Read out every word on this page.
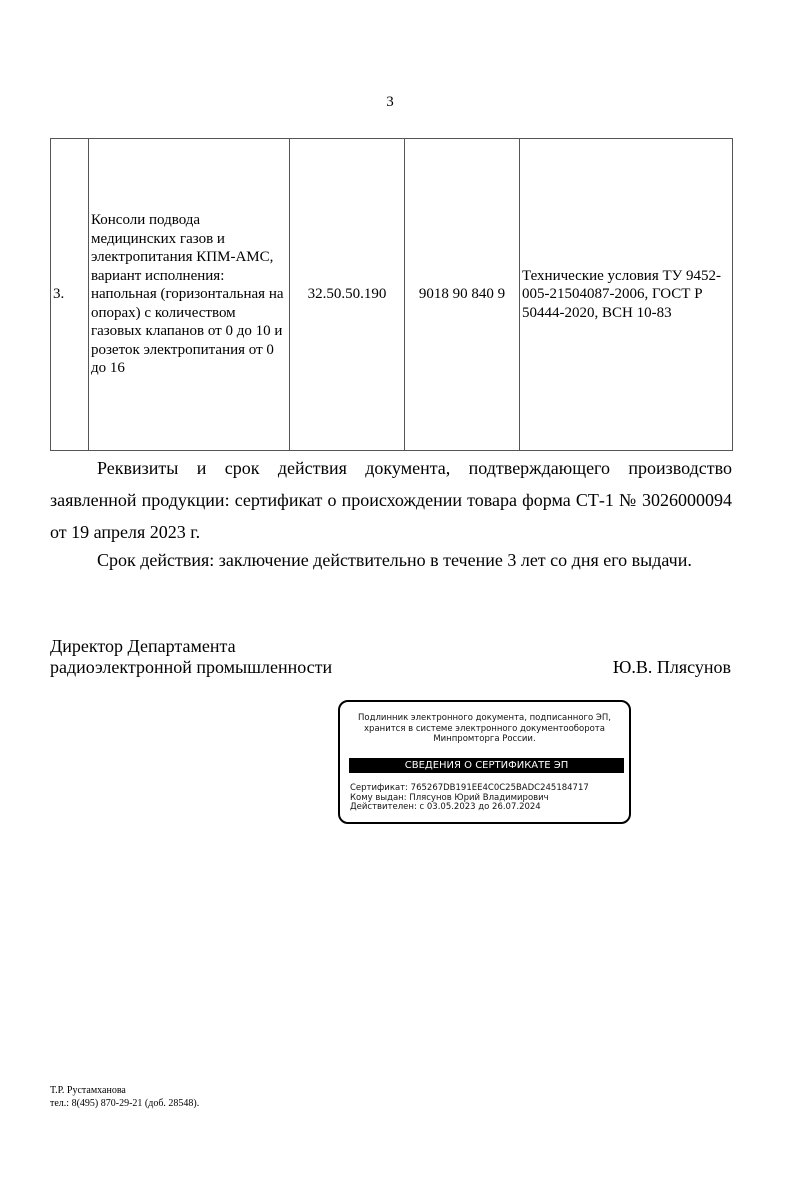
3
3.	Консоли подвода медицинских газов и электропитания КПМ-АМС, вариант исполнения: напольная (горизонтальная на опорах) с количеством газовых клапанов от 0 до 10 и розеток электропитания от 0 до 16	32.50.50.190	9018 90 840 9	Технические условия ТУ 9452-005-21504087-2006, ГОСТ Р 50444-2020, ВСН 10-83
Реквизиты и срок действия документа, подтверждающего производство заявленной продукции: сертификат о происхождении товара форма СТ-1 № 3026000094 от 19 апреля 2023 г.
Срок действия: заключение действительно в течение 3 лет со дня его выдачи.
Директор Департамента
радиоэлектронной промышленности	Ю.В. Плясунов
Подлинник электронного документа, подписанного ЭП,
хранится в системе электронного документооборота
Минпромторга России.
СВЕДЕНИЯ О СЕРТИФИКАТЕ ЭП
Сертификат: 765267DB191EE4C0C25BADC245184717
Кому выдан: Плясунов Юрий Владимирович
Действителен: с 03.05.2023 до 26.07.2024
Т.Р. Рустамханова
тел.: 8(495) 870-29-21 (доб. 28548).
